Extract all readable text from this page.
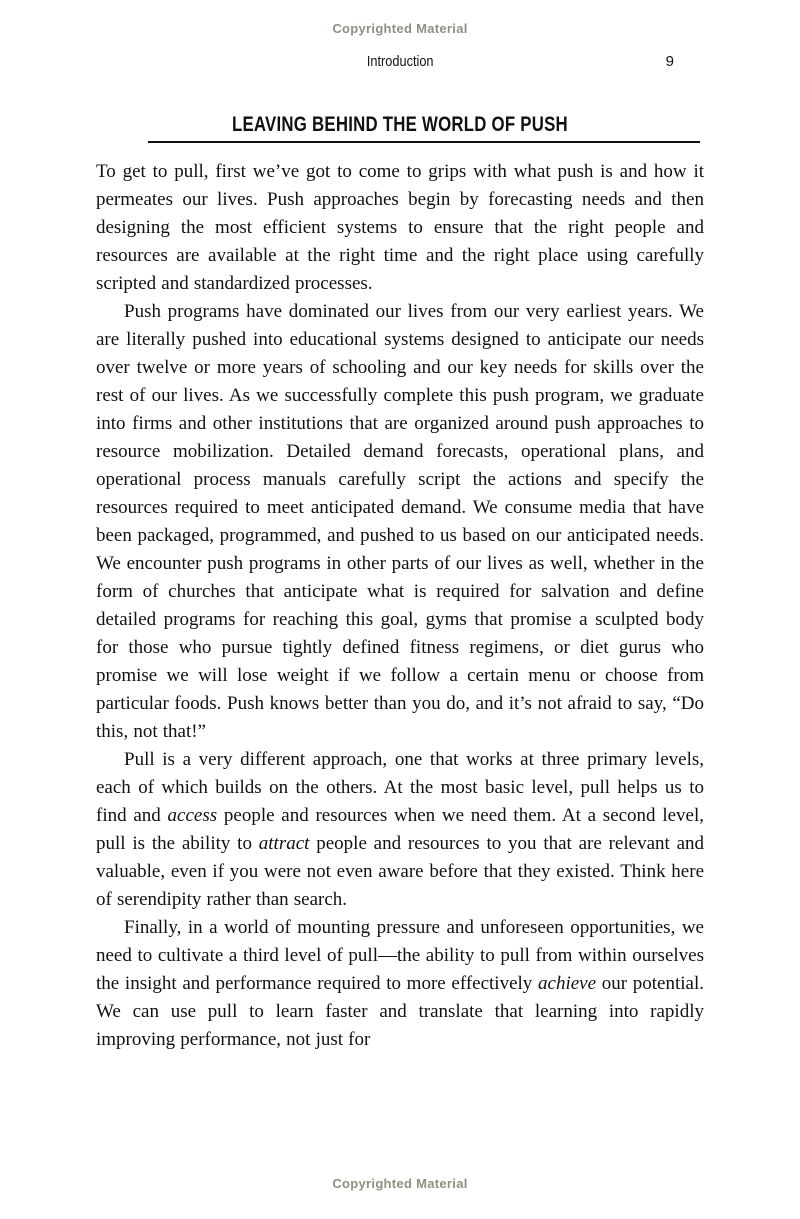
Copyrighted Material
Introduction	9
LEAVING BEHIND THE WORLD OF PUSH

To get to pull, first we’ve got to come to grips with what push is and how it permeates our lives. Push approaches begin by forecasting needs and then designing the most efficient systems to ensure that the right people and resources are available at the right time and the right place using carefully scripted and standardized processes.

Push programs have dominated our lives from our very earliest years. We are literally pushed into educational systems designed to anticipate our needs over twelve or more years of schooling and our key needs for skills over the rest of our lives. As we successfully complete this push program, we graduate into firms and other institutions that are organized around push approaches to resource mobilization. Detailed demand forecasts, operational plans, and operational process manuals carefully script the actions and specify the resources required to meet anticipated demand. We consume media that have been packaged, programmed, and pushed to us based on our anticipated needs. We encounter push programs in other parts of our lives as well, whether in the form of churches that anticipate what is required for salvation and define detailed programs for reaching this goal, gyms that promise a sculpted body for those who pursue tightly defined fitness regimens, or diet gurus who promise we will lose weight if we follow a certain menu or choose from particular foods. Push knows better than you do, and it’s not afraid to say, “Do this, not that!”

Pull is a very different approach, one that works at three primary levels, each of which builds on the others. At the most basic level, pull helps us to find and access people and resources when we need them. At a second level, pull is the ability to attract people and resources to you that are relevant and valuable, even if you were not even aware before that they existed. Think here of serendipity rather than search.

Finally, in a world of mounting pressure and unforeseen opportunities, we need to cultivate a third level of pull—the ability to pull from within ourselves the insight and performance required to more effectively achieve our potential. We can use pull to learn faster and translate that learning into rapidly improving performance, not just for

Copyrighted Material
